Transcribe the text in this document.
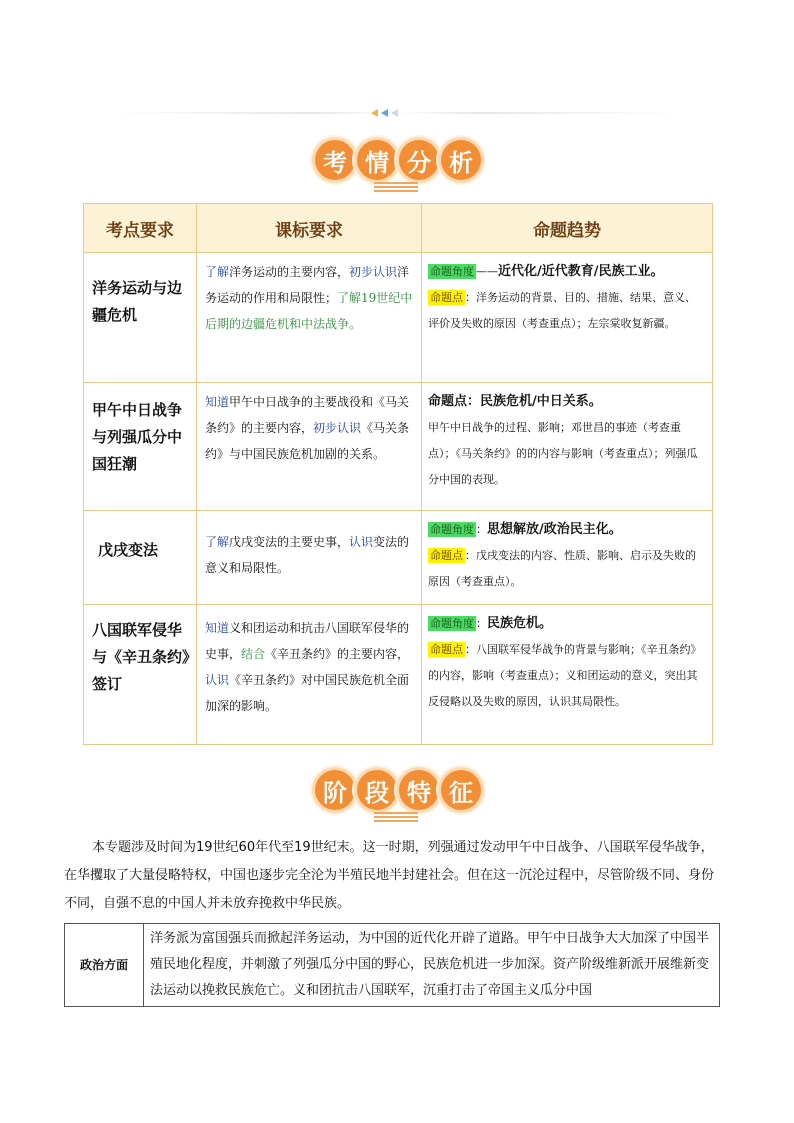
考 情 分 析
考点要求	课标要求	命题趋势
洋务运动与边疆危机	了解洋务运动的主要内容，初步认识洋务运动的作用和局限性；了解19世纪中后期的边疆危机和中法战争。	命题角度 ——近代化/近代教育/民族工业。
命题点 ：洋务运动的背景、目的、措施、结果、意义、评价及失败的原因（考查重点）；左宗棠收复新疆。

甲午中日战争与列强瓜分中国狂潮	知道甲午中日战争的主要战役和《马关条约》的主要内容，初步认识《马关条约》与中国民族危机加剧的关系。	命题点：民族危机/中日关系。
甲午中日战争的过程、影响；邓世昌的事迹（考查重点）；《马关条约》的的内容与影响（考查重点）；列强瓜分中国的表现。

戊戌变法	了解戊戌变法的主要史事，认识变法的意义和局限性。	命题角度 ：思想解放/政治民主化。
命题点 ：戊戌变法的内容、性质、影响、启示及失败的原因（考查重点）。

八国联军侵华与《辛丑条约》签订	知道义和团运动和抗击八国联军侵华的史事，结合《辛丑条约》的主要内容，认识《辛丑条约》对中国民族危机全面加深的影响。	命题角度 ：民族危机。
命题点 ：八国联军侵华战争的背景与影响；《辛丑条约》的内容，影响（考查重点）；义和团运动的意义，突出其反侵略以及失败的原因，认识其局限性。
阶 段 特 征

本专题涉及时间为19世纪60年代至19世纪末。这一时期，列强通过发动甲午中日战争、八国联军侵华战争，在华攫取了大量侵略特权，中国也逐步完全沦为半殖民地半封建社会。但在这一沉沦过程中，尽管阶级不同、身份不同，自强不息的中国人并未放弃挽救中华民族。

政治方面	洋务派为富国强兵而掀起洋务运动，为中国的近代化开辟了道路。甲午中日战争大大加深了中国半殖民地化程度，并刺激了列强瓜分中国的野心，民族危机进一步加深。资产阶级维新派开展维新变法运动以挽救民族危亡。义和团抗击八国联军，沉重打击了帝国主义瓜分中国
